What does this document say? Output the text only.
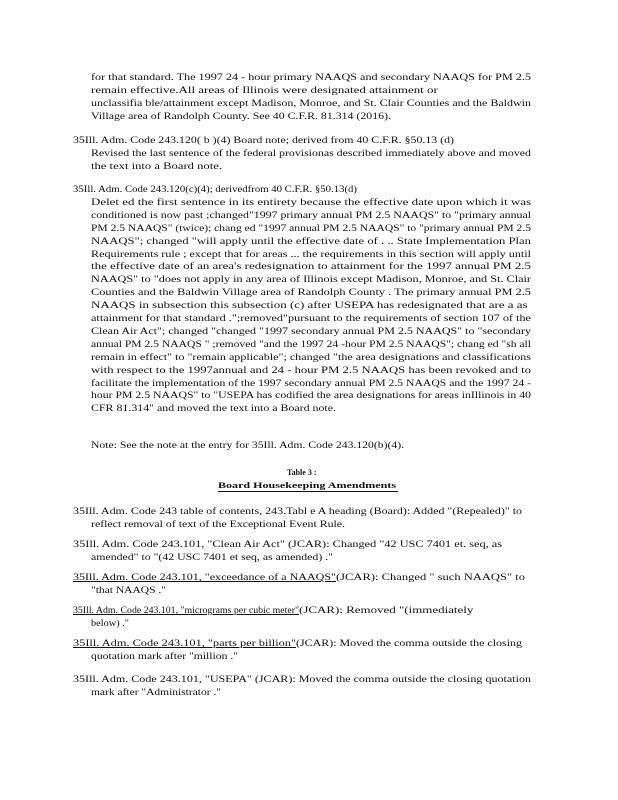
for that standard. The 1997 24 - hour primary NAAQS and secondary NAAQS for PM 2.5
remain effective.All areas of Illinois were designated attainment or
unclassifia ble/attainment except Madison, Monroe, and St. Clair Counties and the Baldwin
Village area of Randolph County. See 40 C.F.R. 81.314 (2016).
35Ill. Adm. Code 243.120( b )(4) Board note; derived from 40 C.F.R. §50.13 (d)
Revised the last sentence of the federal provisionas described immediately above and moved
the text into a Board note.
35Ill. Adm. Code 243.120(c)(4); derivedfrom 40 C.F.R. §50.13(d)
Delet ed the first sentence in its entirety because the effective date upon which it was
conditioned is now past ;changed"1997 primary annual PM 2.5 NAAQS" to "primary annual
PM 2.5 NAAQS" (twice); chang ed "1997 annual PM 2.5 NAAQS" to "primary annual PM 2.5
NAAQS"; changed "will apply until the effective date of . .. State Implementation Plan
Requirements rule ; except that for areas ... the requirements in this section will apply until
the effective date of an area's redesignation to attainment for the 1997 annual PM 2.5
NAAQS" to "does not apply in any area of Illinois except Madison, Monroe, and St. Clair
Counties and the Baldwin Village area of Randolph County . The primary annual PM 2.5
NAAQS in subsection this subsection (c) after USEPA has redesignated that are a as
attainment for that standard .";removed"pursuant to the requirements of section 107 of the
Clean Air Act"; changed "changed "1997 secondary annual PM 2.5 NAAQS" to "secondary
annual PM 2.5 NAAQS " ;removed "and the 1997 24 -hour PM 2.5 NAAQS"; chang ed "sh all
remain in effect" to "remain applicable"; changed "the area designations and classifications
with respect to the 1997annual and 24 - hour PM 2.5 NAAQS has been revoked and to
facilitate the implementation of the 1997 secondary annual PM 2.5 NAAQS and the 1997 24 -
hour PM 2.5 NAAQS" to "USEPA has codified the area designations for areas inIllinois in 40
CFR 81.314" and moved the text into a Board note.
Note: See the note at the entry for 35Ill. Adm. Code 243.120(b)(4).
Table 3 :
Board Housekeeping Amendments
35Ill. Adm. Code 243 table of contents, 243.Tabl e A heading (Board): Added "(Repealed)" to
reflect removal of text of the Exceptional Event Rule.
35Ill. Adm. Code 243.101, "Clean Air Act" (JCAR): Changed "42 USC 7401 et. seq, as
amended" to "(42 USC 7401 et seq, as amended) ."
35Ill. Adm. Code 243.101, "exceedance of a NAAQS" (JCAR): Changed " such NAAQS" to
"that NAAQS ."
35Ill. Adm. Code 243.101, "micrograms per cubic meter" (JCAR): Removed "(immediately
below) ."
35Ill. Adm. Code 243.101, "parts per billion" (JCAR): Moved the comma outside the closing
quotation mark after "million ."
35Ill. Adm. Code 243.101, "USEPA" (JCAR): Moved the comma outside the closing quotation
mark after "Administrator ."
